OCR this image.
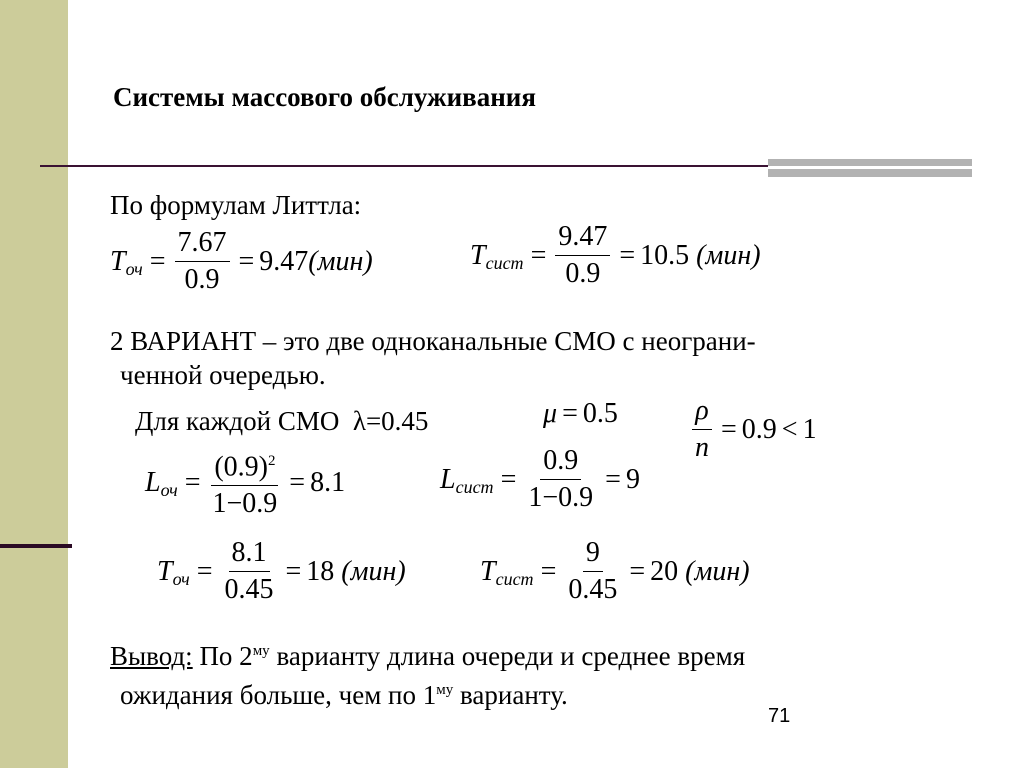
Системы массового обслуживания
По формулам Литтла:
T оч = $\frac{7.67}{0.9} = 9.47$ (мин)	T сист = $\frac{9.47}{0.9} = 10.5$
(мин)
2 ВАРИАНТ – это две одноканальные СМО с неограни-
ченной очередью.
Для каждой СМО λ=0.45	μ = 0.5	$\frac{\rho}{n} = 0.9 < 1$
L оч = $\frac{(0.9)^2}{1-0.9} = 8.1$	L сист = $\frac{0.9}{1-0.9} = 9$
T оч = $\frac{8.1}{0.45} = 18$
(мин)	T сист = $\frac{9}{0.45} = 20$
(мин)
Вывод: По $2^{му}$ варианту длина очереди и среднее время
ожидания больше, чем по $1^{му}$ варианту.
71
